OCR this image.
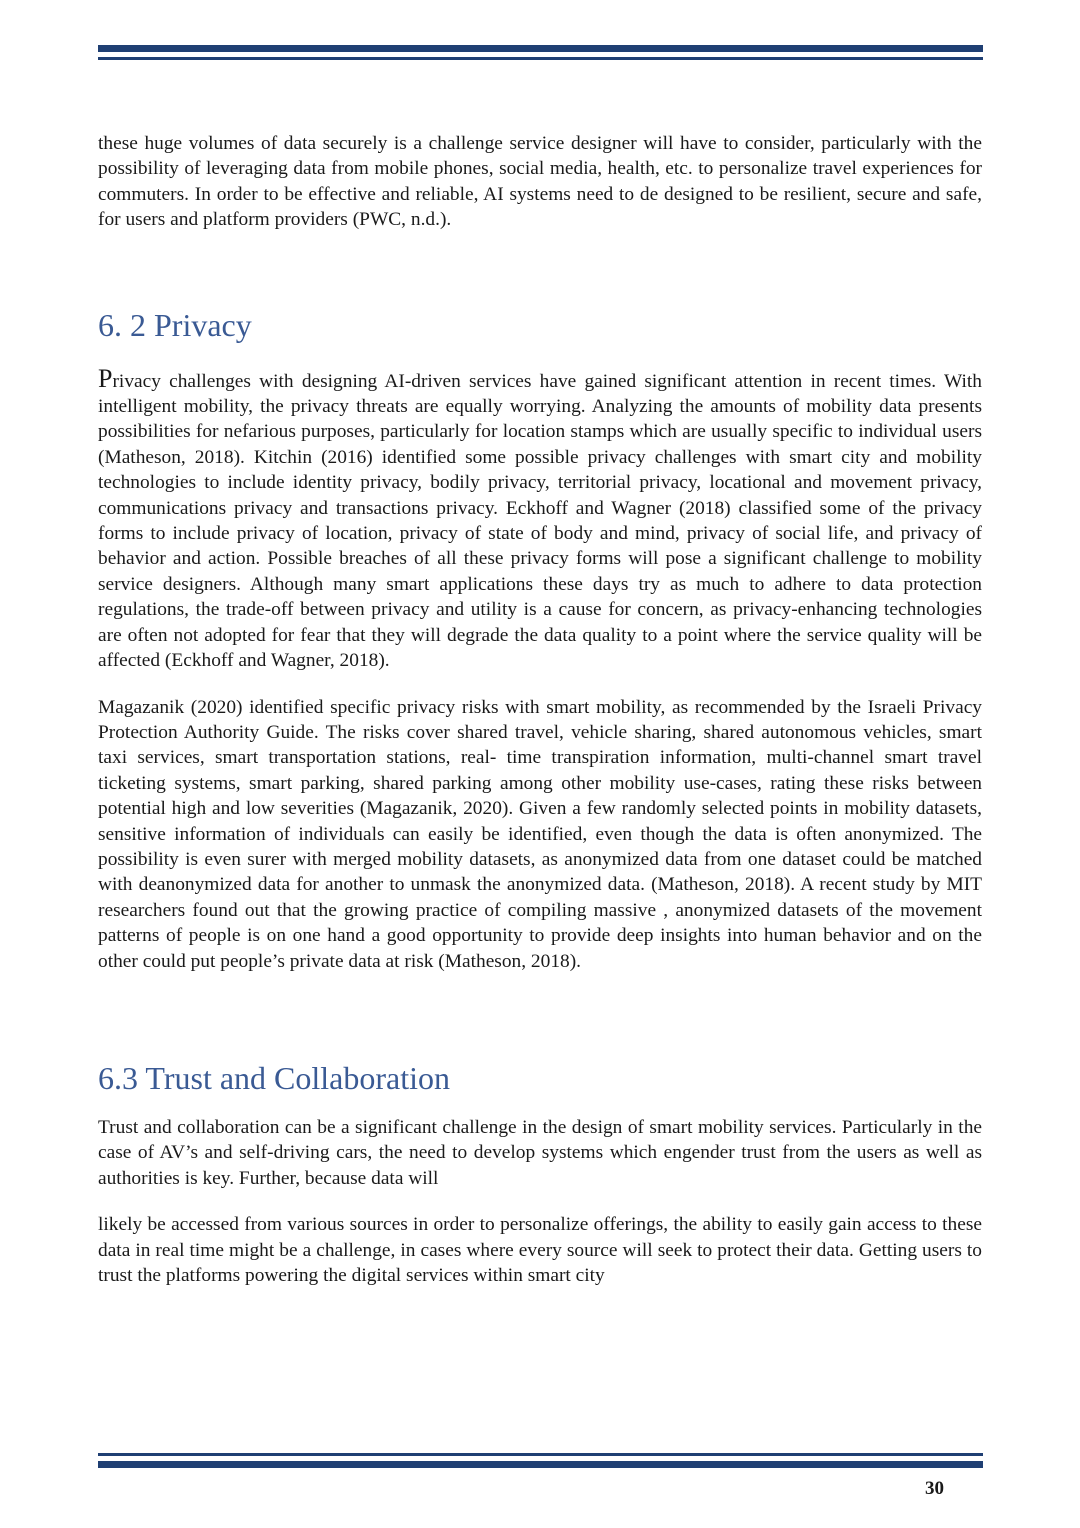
these huge volumes of data securely is a challenge service designer will have to consider, particularly with the possibility of leveraging data from mobile phones, social media, health, etc. to personalize travel experiences for commuters. In order to be effective and reliable, AI systems need to de designed to be resilient, secure and safe, for users and platform providers (PWC, n.d.).

6. 2 Privacy

Privacy challenges with designing AI-driven services have gained significant attention in recent times. With intelligent mobility, the privacy threats are equally worrying. Analyzing the amounts of mobility data presents possibilities for nefarious purposes, particularly for location stamps which are usually specific to individual users (Matheson, 2018). Kitchin (2016) identified some possible privacy challenges with smart city and mobility technologies to include identity privacy, bodily privacy, territorial privacy, locational and movement privacy, communications privacy and transactions privacy. Eckhoff and Wagner (2018) classified some of the privacy forms to include privacy of location, privacy of state of body and mind, privacy of social life, and privacy of behavior and action. Possible breaches of all these privacy forms will pose a significant challenge to mobility service designers. Although many smart applications these days try as much to adhere to data protection regulations, the trade-off between privacy and utility is a cause for concern, as privacy-enhancing technologies are often not adopted for fear that they will degrade the data quality to a point where the service quality will be affected (Eckhoff and Wagner, 2018).

Magazanik (2020) identified specific privacy risks with smart mobility, as recommended by the Israeli Privacy Protection Authority Guide. The risks cover shared travel, vehicle sharing, shared autonomous vehicles, smart taxi services, smart transportation stations, real- time transpiration information, multi-channel smart travel ticketing systems, smart parking, shared parking among other mobility use-cases, rating these risks between potential high and low severities (Magazanik, 2020). Given a few randomly selected points in mobility datasets, sensitive information of individuals can easily be identified, even though the data is often anonymized. The possibility is even surer with merged mobility datasets, as anonymized data from one dataset could be matched with deanonymized data for another to unmask the anonymized data. (Matheson, 2018). A recent study by MIT researchers found out that the growing practice of compiling massive , anonymized datasets of the movement patterns of people is on one hand a good opportunity to provide deep insights into human behavior and on the other could put people’s private data at risk (Matheson, 2018).

6.3 Trust and Collaboration

Trust and collaboration can be a significant challenge in the design of smart mobility services. Particularly in the case of AV’s and self-driving cars, the need to develop systems which engender trust from the users as well as authorities is key. Further, because data will

likely be accessed from various sources in order to personalize offerings, the ability to easily gain access to these data in real time might be a challenge, in cases where every source will seek to protect their data. Getting users to trust the platforms powering the digital services within smart city

30
